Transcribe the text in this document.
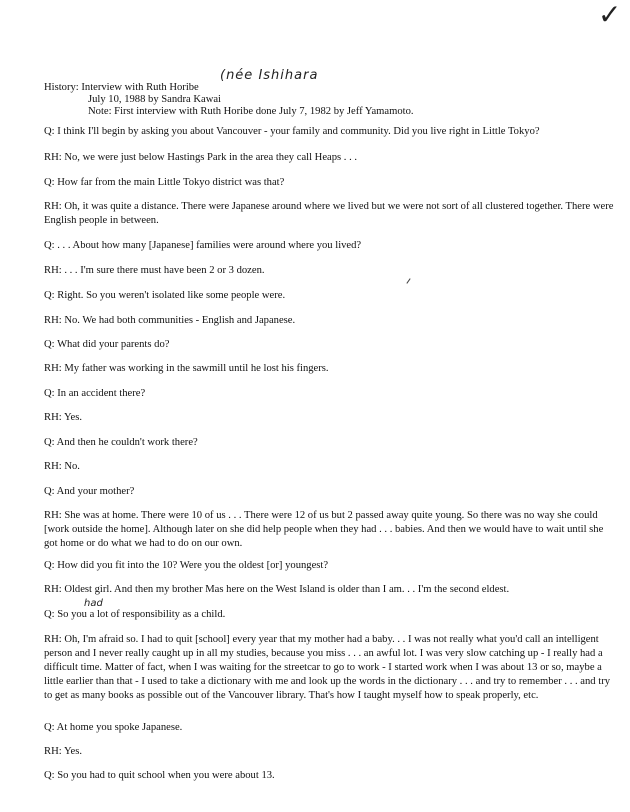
✓
(née Ishihara
had
History: Interview with Ruth Horibe
July 10, 1988 by Sandra Kawai
Note: First interview with Ruth Horibe done July 7, 1982 by Jeff Yamamoto.
Q: I think I'll begin by asking you about Vancouver - your family and community. Did you live right in Little Tokyo?
RH: No, we were just below Hastings Park in the area they call Heaps . . .
Q: How far from the main Little Tokyo district was that?
RH: Oh, it was quite a distance. There were Japanese around where we lived but we were not sort of all clustered together. There were English people in between.
Q: . . . About how many [Japanese] families were around where you lived?
RH: . . . I'm sure there must have been 2 or 3 dozen.
Q: Right. So you weren't isolated like some people were.
RH: No. We had both communities - English and Japanese.
Q: What did your parents do?
RH: My father was working in the sawmill until he lost his fingers.
Q: In an accident there?
RH: Yes.
Q: And then he couldn't work there?
RH: No.
Q: And your mother?
RH: She was at home. There were 10 of us . . . There were 12 of us but 2 passed away quite young. So there was no way she could [work outside the home]. Although later on she did help people when they had . . . babies. And then we would have to wait until she got home or do what we had to do on our own.
Q: How did you fit into the 10? Were you the oldest [or] youngest?
RH: Oldest girl. And then my brother Mas here on the West Island is older than I am. . . I'm the second eldest.
Q: So you a lot of responsibility as a child.
RH: Oh, I'm afraid so. I had to quit [school] every year that my mother had a baby. . . I was not really what you'd call an intelligent person and I never really caught up in all my studies, because you miss . . . an awful lot. I was very slow catching up - I really had a difficult time. Matter of fact, when I was waiting for the streetcar to go to work - I started work when I was about 13 or so, maybe a little earlier than that - I used to take a dictionary with me and look up the words in the dictionary . . . and try to remember . . . and try to get as many books as possible out of the Vancouver library. That's how I taught myself how to speak properly, etc.
Q: At home you spoke Japanese.
RH: Yes.
Q: So you had to quit school when you were about 13.
